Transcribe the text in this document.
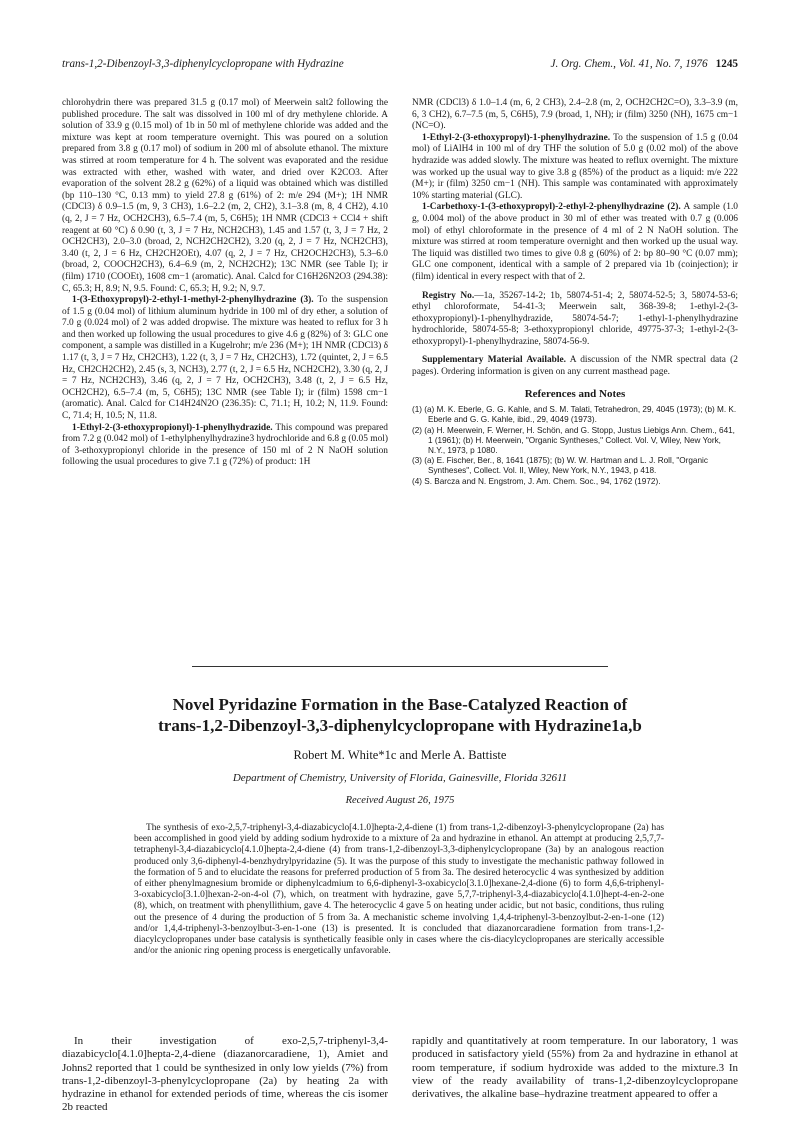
trans-1,2-Dibenzoyl-3,3-diphenylcyclopropane with Hydrazine	J. Org. Chem., Vol. 41, No. 7, 1976 1245

chlorohydrin there was prepared 31.5 g (0.17 mol) of Meerwein salt2 following the published procedure. The salt was dissolved in 100 ml of dry methylene chloride. A solution of 33.9 g (0.15 mol) of 1b in 50 ml of methylene chloride was added and the mixture was kept at room temperature overnight. This was poured on a solution prepared from 3.8 g (0.17 mol) of sodium in 200 ml of absolute ethanol. The mixture was stirred at room temperature for 4 h. The solvent was evaporated and the residue was extracted with ether, washed with water, and dried over K2CO3. After evaporation of the solvent 28.2 g (62%) of a liquid was obtained which was distilled (bp 110–130 °C, 0.13 mm) to yield 27.8 g (61%) of 2: m/e 294 (M+); 1H NMR (CDCl3) δ 0.9–1.5 (m, 9, 3 CH3), 1.6–2.2 (m, 2, CH2), 3.1–3.8 (m, 8, 4 CH2), 4.10 (q, 2, J = 7 Hz, OCH2CH3), 6.5–7.4 (m, 5, C6H5); 1H NMR (CDCl3 + CCl4 + shift reagent at 60 °C) δ 0.90 (t, 3, J = 7 Hz, NCH2CH3), 1.45 and 1.57 (t, 3, J = 7 Hz, 2 OCH2CH3), 2.0–3.0 (broad, 2, NCH2CH2CH2), 3.20 (q, 2, J = 7 Hz, NCH2CH3), 3.40 (t, 2, J = 6 Hz, CH2CH2OEt), 4.07 (q, 2, J = 7 Hz, CH2OCH2CH3), 5.3–6.0 (broad, 2, COOCH2CH3), 6.4–6.9 (m, 2, NCH2CH2); 13C NMR (see Table I); ir (film) 1710 (COOEt), 1608 cm−1 (aromatic). Anal. Calcd for C16H26N2O3 (294.38): C, 65.3; H, 8.9; N, 9.5. Found: C, 65.3; H, 9.2; N, 9.7.

1-(3-Ethoxypropyl)-2-ethyl-1-methyl-2-phenylhydrazine (3). To the suspension of 1.5 g (0.04 mol) of lithium aluminum hydride in 100 ml of dry ether, a solution of 7.0 g (0.024 mol) of 2 was added dropwise. The mixture was heated to reflux for 3 h and then worked up following the usual procedures to give 4.6 g (82%) of 3: GLC one component, a sample was distilled in a Kugelrohr; m/e 236 (M+); 1H NMR (CDCl3) δ 1.17 (t, 3, J = 7 Hz, CH2CH3), 1.22 (t, 3, J = 7 Hz, CH2CH3), 1.72 (quintet, 2, J = 6.5 Hz, CH2CH2CH2), 2.45 (s, 3, NCH3), 2.77 (t, 2, J = 6.5 Hz, NCH2CH2), 3.30 (q, 2, J = 7 Hz, NCH2CH3), 3.46 (q, 2, J = 7 Hz, OCH2CH3), 3.48 (t, 2, J = 6.5 Hz, OCH2CH2), 6.5–7.4 (m, 5, C6H5); 13C NMR (see Table I); ir (film) 1598 cm−1 (aromatic). Anal. Calcd for C14H24N2O (236.35): C, 71.1; H, 10.2; N, 11.9. Found: C, 71.4; H, 10.5; N, 11.8.

1-Ethyl-2-(3-ethoxypropionyl)-1-phenylhydrazide. This compound was prepared from 7.2 g (0.042 mol) of 1-ethylphenylhydrazine3 hydrochloride and 6.8 g (0.05 mol) of 3-ethoxypropionyl chloride in the presence of 150 ml of 2 N NaOH solution following the usual procedures to give 7.1 g (72%) of product: 1H

NMR (CDCl3) δ 1.0–1.4 (m, 6, 2 CH3), 2.4–2.8 (m, 2, OCH2CH2C=O), 3.3–3.9 (m, 6, 3 CH2), 6.7–7.5 (m, 5, C6H5), 7.9 (broad, 1, NH); ir (film) 3250 (NH), 1675 cm−1 (NC=O).

1-Ethyl-2-(3-ethoxypropyl)-1-phenylhydrazine. To the suspension of 1.5 g (0.04 mol) of LiAlH4 in 100 ml of dry THF the solution of 5.0 g (0.02 mol) of the above hydrazide was added slowly. The mixture was heated to reflux overnight. The mixture was worked up the usual way to give 3.8 g (85%) of the product as a liquid: m/e 222 (M+); ir (film) 3250 cm−1 (NH). This sample was contaminated with approximately 10% starting material (GLC).

1-Carbethoxy-1-(3-ethoxypropyl)-2-ethyl-2-phenylhydrazine (2). A sample (1.0 g, 0.004 mol) of the above product in 30 ml of ether was treated with 0.7 g (0.006 mol) of ethyl chloroformate in the presence of 4 ml of 2 N NaOH solution. The mixture was stirred at room temperature overnight and then worked up the usual way. The liquid was distilled two times to give 0.8 g (60%) of 2: bp 80–90 °C (0.07 mm); GLC one component, identical with a sample of 2 prepared via 1b (coinjection); ir (film) identical in every respect with that of 2.

Registry No.—1a, 35267-14-2; 1b, 58074-51-4; 2, 58074-52-5; 3, 58074-53-6; ethyl chloroformate, 54-41-3; Meerwein salt, 368-39-8; 1-ethyl-2-(3-ethoxypropionyl)-1-phenylhydrazide, 58074-54-7; 1-ethyl-1-phenylhydrazine hydrochloride, 58074-55-8; 3-ethoxypropionyl chloride, 49775-37-3; 1-ethyl-2-(3-ethoxypropyl)-1-phenylhydrazine, 58074-56-9.

Supplementary Material Available. A discussion of the NMR spectral data (2 pages). Ordering information is given on any current masthead page.

References and Notes
(1) (a) M. K. Eberle, G. G. Kahle, and S. M. Talati, Tetrahedron, 29, 4045 (1973); (b) M. K. Eberle and G. G. Kahle, ibid., 29, 4049 (1973).
(2) (a) H. Meerwein, F. Werner, H. Schön, and G. Stopp, Justus Liebigs Ann. Chem., 641, 1 (1961); (b) H. Meerwein, "Organic Syntheses," Collect. Vol. V, Wiley, New York, N.Y., 1973, p 1080.
(3) (a) E. Fischer, Ber., 8, 1641 (1875); (b) W. W. Hartman and L. J. Roll, "Organic Syntheses", Collect. Vol. II, Wiley, New York, N.Y., 1943, p 418.
(4) S. Barcza and N. Engstrom, J. Am. Chem. Soc., 94, 1762 (1972).
Novel Pyridazine Formation in the Base-Catalyzed Reaction of
trans-1,2-Dibenzoyl-3,3-diphenylcyclopropane with Hydrazine1a,b
Robert M. White*1c and Merle A. Battiste
Department of Chemistry, University of Florida, Gainesville, Florida 32611
Received August 26, 1975

The synthesis of exo-2,5,7-triphenyl-3,4-diazabicyclo[4.1.0]hepta-2,4-diene (1) from trans-1,2-dibenzoyl-3-phenylcyclopropane (2a) has been accomplished in good yield by adding sodium hydroxide to a mixture of 2a and hydrazine in ethanol. An attempt at producing 2,5,7,7-tetraphenyl-3,4-diazabicyclo[4.1.0]hepta-2,4-diene (4) from trans-1,2-dibenzoyl-3,3-diphenylcyclopropane (3a) by an analogous reaction produced only 3,6-diphenyl-4-benzhydrylpyridazine (5). It was the purpose of this study to investigate the mechanistic pathway followed in the formation of 5 and to elucidate the reasons for preferred production of 5 from 3a. The desired heterocyclic 4 was synthesized by addition of either phenylmagnesium bromide or diphenylcadmium to 6,6-diphenyl-3-oxabicyclo[3.1.0]hexane-2,4-dione (6) to form 4,6,6-triphenyl-3-oxabicyclo[3.1.0]hexan-2-on-4-ol (7), which, on treatment with hydrazine, gave 5,7,7-triphenyl-3,4-diazabicyclo[4.1.0]hept-4-en-2-one (8), which, on treatment with phenyllithium, gave 4. The heterocyclic 4 gave 5 on heating under acidic, but not basic, conditions, thus ruling out the presence of 4 during the production of 5 from 3a. A mechanistic scheme involving 1,4,4-triphenyl-3-benzoylbut-2-en-1-one (12) and/or 1,4,4-triphenyl-3-benzoylbut-3-en-1-one (13) is presented. It is concluded that diazanorcaradiene formation from trans-1,2-diacylcyclopropanes under base catalysis is synthetically feasible only in cases where the cis-diacylcyclopropanes are sterically accessible and/or the anionic ring opening process is energetically unfavorable.

In their investigation of exo-2,5,7-triphenyl-3,4-diazabicyclo[4.1.0]hepta-2,4-diene (diazanorcaradiene, 1), Amiet and Johns2 reported that 1 could be synthesized in only low yields (7%) from trans-1,2-dibenzoyl-3-phenylcyclopropane (2a) by heating 2a with hydrazine in ethanol for extended periods of time, whereas the cis isomer 2b reacted

rapidly and quantitatively at room temperature. In our laboratory, 1 was produced in satisfactory yield (55%) from 2a and hydrazine in ethanol at room temperature, if sodium hydroxide was added to the mixture.3 In view of the ready availability of trans-1,2-dibenzoylcyclopropane derivatives, the alkaline base–hydrazine treatment appeared to offer a
